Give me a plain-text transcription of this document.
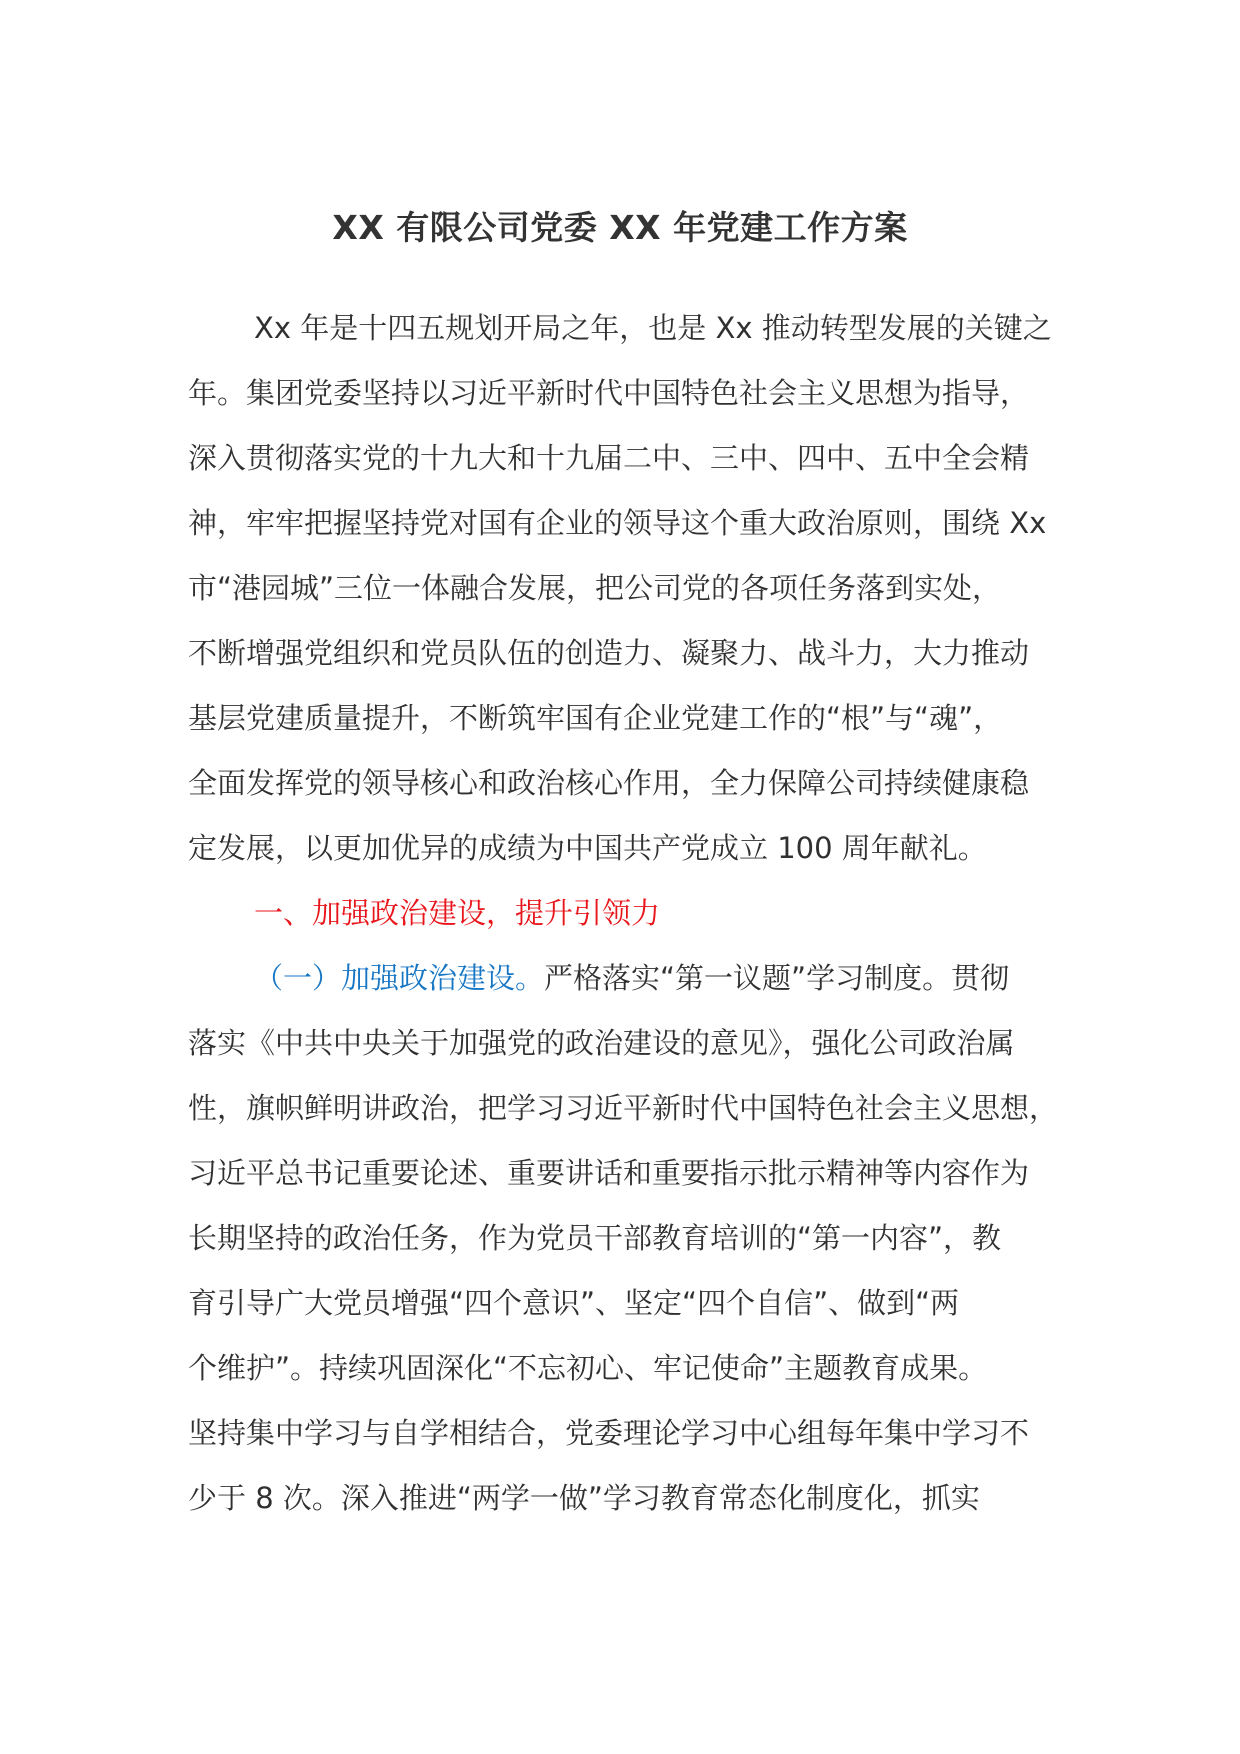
XX 有限公司党委 XX 年党建工作方案
Xx 年是十四五规划开局之年，也是 Xx 推动转型发展的关键之
年。集团党委坚持以习近平新时代中国特色社会主义思想为指导，
深入贯彻落实党的十九大和十九届二中、三中、四中、五中全会精
神，牢牢把握坚持党对国有企业的领导这个重大政治原则，围绕 Xx
市“港园城”三位一体融合发展，把公司党的各项任务落到实处，
不断增强党组织和党员队伍的创造力、凝聚力、战斗力，大力推动
基层党建质量提升，不断筑牢国有企业党建工作的“根”与“魂”，
全面发挥党的领导核心和政治核心作用，全力保障公司持续健康稳
定发展，以更加优异的成绩为中国共产党成立 100 周年献礼。
一、加强政治建设，提升引领力
（一）加强政治建设。严格落实“第一议题”学习制度。贯彻
落实《中共中央关于加强党的政治建设的意见》，强化公司政治属
性，旗帜鲜明讲政治，把学习习近平新时代中国特色社会主义思想，
习近平总书记重要论述、重要讲话和重要指示批示精神等内容作为
长期坚持的政治任务，作为党员干部教育培训的“第一内容”，教
育引导广大党员增强“四个意识”、坚定“四个自信”、做到“两
个维护”。持续巩固深化“不忘初心、牢记使命”主题教育成果。
坚持集中学习与自学相结合，党委理论学习中心组每年集中学习不
少于 8 次。深入推进“两学一做”学习教育常态化制度化，抓实
